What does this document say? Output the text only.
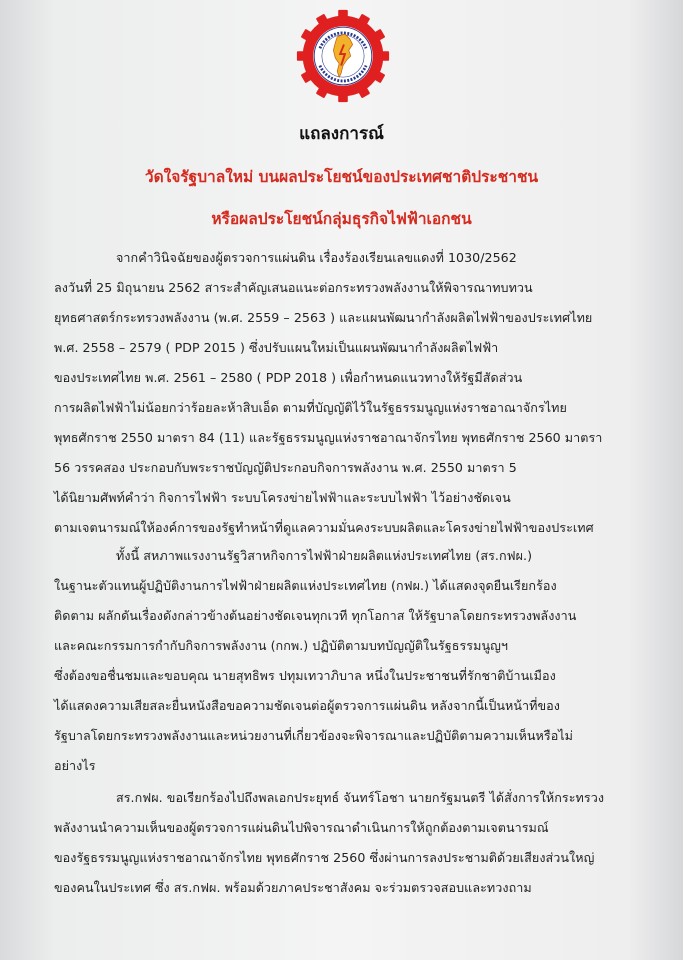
แถลงการณ์
วัดใจรัฐบาลใหม่ บนผลประโยชน์ของประเทศชาติประชาชน
หรือผลประโยชน์กลุ่มธุรกิจไฟฟ้าเอกชน
จากคำวินิจฉัยของผู้ตรวจการแผ่นดิน เรื่องร้องเรียนเลขแดงที่ 1030/2562
ลงวันที่ 25 มิถุนายน 2562 สาระสำคัญเสนอแนะต่อกระทรวงพลังงานให้พิจารณาทบทวน
ยุทธศาสตร์กระทรวงพลังงาน (พ.ศ. 2559 – 2563 ) และแผนพัฒนากำลังผลิตไฟฟ้าของประเทศไทย
พ.ศ. 2558 – 2579 ( PDP 2015 ) ซึ่งปรับแผนใหม่เป็นแผนพัฒนากำลังผลิตไฟฟ้า
ของประเทศไทย พ.ศ. 2561 – 2580 ( PDP 2018 ) เพื่อกำหนดแนวทางให้รัฐมีสัดส่วน
การผลิตไฟฟ้าไม่น้อยกว่าร้อยละห้าสิบเอ็ด ตามที่บัญญัติไว้ในรัฐธรรมนูญแห่งราชอาณาจักรไทย
พุทธศักราช 2550 มาตรา 84 (11) และรัฐธรรมนูญแห่งราชอาณาจักรไทย พุทธศักราช 2560 มาตรา
56 วรรคสอง ประกอบกับพระราชบัญญัติประกอบกิจการพลังงาน พ.ศ. 2550 มาตรา 5
ได้นิยามศัพท์คำว่า กิจการไฟฟ้า ระบบโครงข่ายไฟฟ้าและระบบไฟฟ้า ไว้อย่างชัดเจน
ตามเจตนารมณ์ให้องค์การของรัฐทำหน้าที่ดูแลความมั่นคงระบบผลิตและโครงข่ายไฟฟ้าของประเทศ
ทั้งนี้ สหภาพแรงงานรัฐวิสาหกิจการไฟฟ้าฝ่ายผลิตแห่งประเทศไทย (สร.กฟผ.)
ในฐานะตัวแทนผู้ปฏิบัติงานการไฟฟ้าฝ่ายผลิตแห่งประเทศไทย (กฟผ.) ได้แสดงจุดยืนเรียกร้อง
ติดตาม ผลักดันเรื่องดังกล่าวข้างต้นอย่างชัดเจนทุกเวที ทุกโอกาส ให้รัฐบาลโดยกระทรวงพลังงาน
และคณะกรรมการกำกับกิจการพลังงาน (กกพ.) ปฏิบัติตามบทบัญญัติในรัฐธรรมนูญฯ
ซึ่งต้องขอชื่นชมและขอบคุณ นายสุทธิพร ปทุมเทวาภิบาล หนึ่งในประชาชนที่รักชาติบ้านเมือง
ได้แสดงความเสียสละยื่นหนังสือขอความชัดเจนต่อผู้ตรวจการแผ่นดิน หลังจากนี้เป็นหน้าที่ของ
รัฐบาลโดยกระทรวงพลังงานและหน่วยงานที่เกี่ยวข้องจะพิจารณาและปฏิบัติตามความเห็นหรือไม่
อย่างไร
สร.กฟผ. ขอเรียกร้องไปถึงพลเอกประยุทธ์ จันทร์โอชา นายกรัฐมนตรี ได้สั่งการให้กระทรวง
พลังงานนำความเห็นของผู้ตรวจการแผ่นดินไปพิจารณาดำเนินการให้ถูกต้องตามเจตนารมณ์
ของรัฐธรรมนูญแห่งราชอาณาจักรไทย พุทธศักราช 2560 ซึ่งผ่านการลงประชามติด้วยเสียงส่วนใหญ่
ของคนในประเทศ ซึ่ง สร.กฟผ. พร้อมด้วยภาคประชาสังคม จะร่วมตรวจสอบและทวงถาม
